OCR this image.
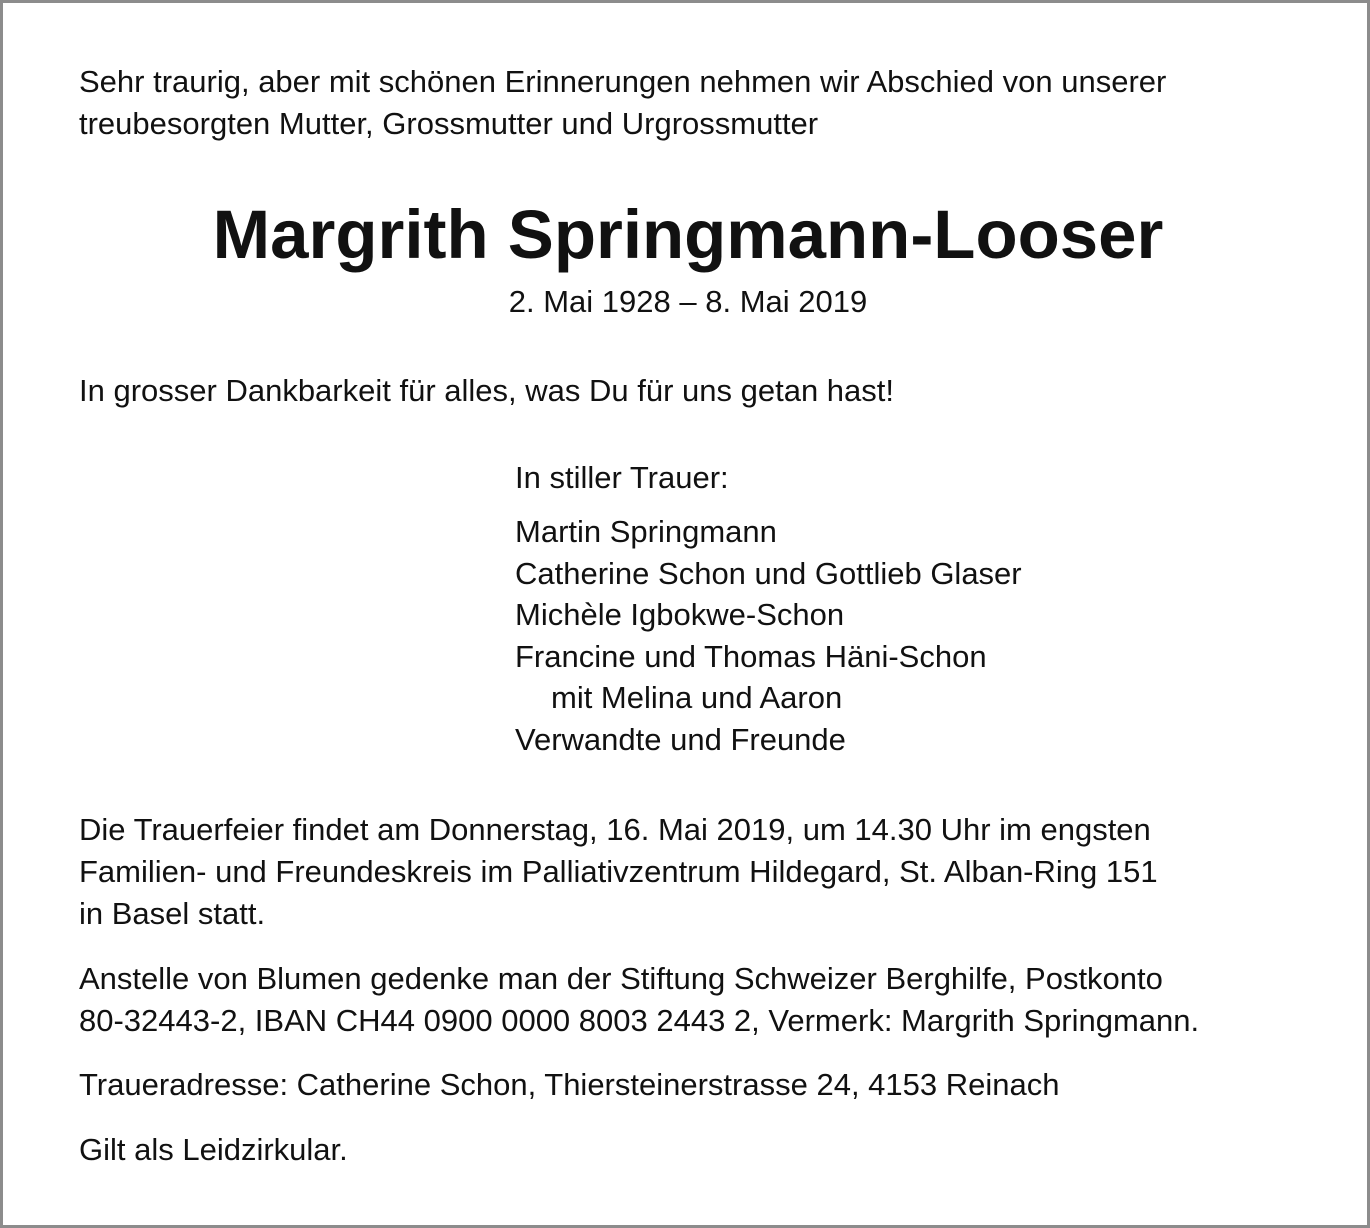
Sehr traurig, aber mit schönen Erinnerungen nehmen wir Abschied von unserer

treubesorgten Mutter, Grossmutter und Urgrossmutter

Margrith Springmann-Looser

2. Mai 1928 – 8. Mai 2019

In grosser Dankbarkeit für alles, was Du für uns getan hast!

In stiller Trauer:

Martin Springmann
Catherine Schon und Gottlieb Glaser
Michèle Igbokwe-Schon
Francine und Thomas Häni-Schon
mit Melina und Aaron
Verwandte und Freunde

Die Trauerfeier findet am Donnerstag, 16. Mai 2019, um 14.30 Uhr im engsten

Familien- und Freundeskreis im Palliativzentrum Hildegard, St. Alban-Ring 151

in Basel statt.

Anstelle von Blumen gedenke man der Stiftung Schweizer Berghilfe, Postkonto

80-32443-2, IBAN CH44 0900 0000 8003 2443 2, Vermerk: Margrith Springmann.

Traueradresse: Catherine Schon, Thiersteinerstrasse 24, 4153 Reinach

Gilt als Leidzirkular.
